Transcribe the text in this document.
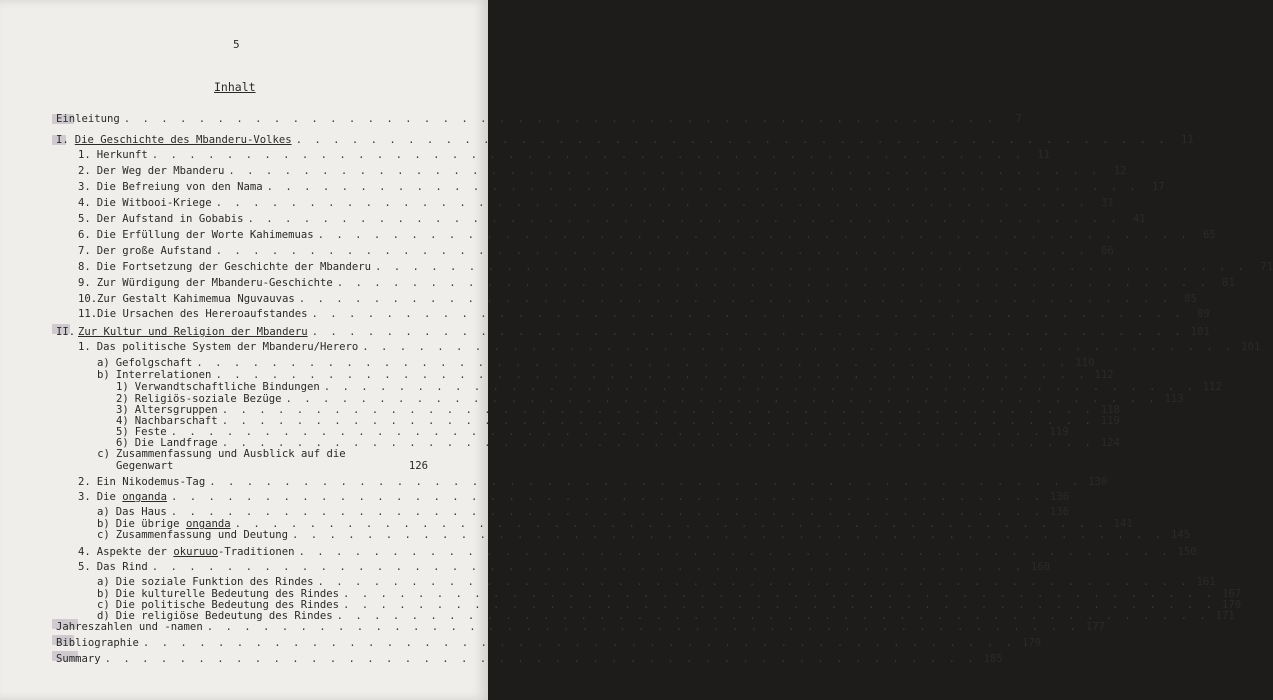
5
Inhalt
Einleitung . . . . . . . . . . . . . . . . . . . . . . . . . . . . . . . . . . . . . . . . . . . . . . .	7
I. Die Geschichte des Mbanderu-Volkes . . . . . . . . . . . . . . . . . . . . . . . . . . . . . . . . . . . . . . . . . . . . . . .	11
1. Herkunft . . . . . . . . . . . . . . . . . . . . . . . . . . . . . . . . . . . . . . . . . . . . . . .	11
2. Der Weg der Mbanderu . . . . . . . . . . . . . . . . . . . . . . . . . . . . . . . . . . . . . . . . . . . . . . .	12
3. Die Befreiung von den Nama . . . . . . . . . . . . . . . . . . . . . . . . . . . . . . . . . . . . . . . . . . . . . . .	17
4. Die Witbooi-Kriege . . . . . . . . . . . . . . . . . . . . . . . . . . . . . . . . . . . . . . . . . . . . . . .	31
5. Der Aufstand in Gobabis . . . . . . . . . . . . . . . . . . . . . . . . . . . . . . . . . . . . . . . . . . . . . . .	41
6. Die Erfüllung der Worte Kahimemuas . . . . . . . . . . . . . . . . . . . . . . . . . . . . . . . . . . . . . . . . . . . . . . .	65
7. Der große Aufstand . . . . . . . . . . . . . . . . . . . . . . . . . . . . . . . . . . . . . . . . . . . . . . .	66
8. Die Fortsetzung der Geschichte der Mbanderu . . . . . . . . . . . . . . . . . . . . . . . . . . . . . . . . . . . . . . . . . . . . . . .	71
9. Zur Würdigung der Mbanderu-Geschichte . . . . . . . . . . . . . . . . . . . . . . . . . . . . . . . . . . . . . . . . . . . . . . .	81
10. Zur Gestalt Kahimemua Nguvauvas . . . . . . . . . . . . . . . . . . . . . . . . . . . . . . . . . . . . . . . . . . . . . . .	85
11. Die Ursachen des Hereroaufstandes . . . . . . . . . . . . . . . . . . . . . . . . . . . . . . . . . . . . . . . . . . . . . . .	89
II. Zur Kultur und Religion der Mbanderu . . . . . . . . . . . . . . . . . . . . . . . . . . . . . . . . . . . . . . . . . . . . . . . 101
1. Das politische System der Mbanderu/Herero . . . . . . . . . . . . . . . . . . . . . . . . . . . . . . . . . . . . . . . . . . . . . . . 101
a) Gefolgschaft . . . . . . . . . . . . . . . . . . . . . . . . . . . . . . . . . . . . . . . . . . . . . . . 110
b) Interrelationen . . . . . . . . . . . . . . . . . . . . . . . . . . . . . . . . . . . . . . . . . . . . . . . 112
1) Verwandtschaftliche Bindungen . . . . . . . . . . . . . . . . . . . . . . . . . . . . . . . . . . . . . . . . . . . . . . . 112
2) Religiös-soziale Bezüge . . . . . . . . . . . . . . . . . . . . . . . . . . . . . . . . . . . . . . . . . . . . . . . 113
3) Altersgruppen . . . . . . . . . . . . . . . . . . . . . . . . . . . . . . . . . . . . . . . . . . . . . . . 118
4) Nachbarschaft . . . . . . . . . . . . . . . . . . . . . . . . . . . . . . . . . . . . . . . . . . . . . . . 119
5) Feste . . . . . . . . . . . . . . . . . . . . . . . . . . . . . . . . . . . . . . . . . . . . . . . 119
6) Die Landfrage . . . . . . . . . . . . . . . . . . . . . . . . . . . . . . . . . . . . . . . . . . . . . . . 124
c) Zusammenfassung und Ausblick auf die
Gegenwart	126
2. Ein Nikodemus-Tag . . . . . . . . . . . . . . . . . . . . . . . . . . . . . . . . . . . . . . . . . . . . . . . 130
3. Die onganda . . . . . . . . . . . . . . . . . . . . . . . . . . . . . . . . . . . . . . . . . . . . . . . 136
a) Das Haus . . . . . . . . . . . . . . . . . . . . . . . . . . . . . . . . . . . . . . . . . . . . . . . 136
b) Die übrige onganda . . . . . . . . . . . . . . . . . . . . . . . . . . . . . . . . . . . . . . . . . . . . . . . 141
c) Zusammenfassung und Deutung . . . . . . . . . . . . . . . . . . . . . . . . . . . . . . . . . . . . . . . . . . . . . . . 145
4. Aspekte der okuruuo-Traditionen . . . . . . . . . . . . . . . . . . . . . . . . . . . . . . . . . . . . . . . . . . . . . . . 150
5. Das Rind . . . . . . . . . . . . . . . . . . . . . . . . . . . . . . . . . . . . . . . . . . . . . . . 160
a) Die soziale Funktion des Rindes . . . . . . . . . . . . . . . . . . . . . . . . . . . . . . . . . . . . . . . . . . . . . . . 161
b) Die kulturelle Bedeutung des Rindes . . . . . . . . . . . . . . . . . . . . . . . . . . . . . . . . . . . . . . . . . . . . . . . 167
c) Die politische Bedeutung des Rindes . . . . . . . . . . . . . . . . . . . . . . . . . . . . . . . . . . . . . . . . . . . . . . . 170
d) Die religiöse Bedeutung des Rindes . . . . . . . . . . . . . . . . . . . . . . . . . . . . . . . . . . . . . . . . . . . . . . . 171
Jahreszahlen und -namen . . . . . . . . . . . . . . . . . . . . . . . . . . . . . . . . . . . . . . . . . . . . . . . 177
Bibliographie . . . . . . . . . . . . . . . . . . . . . . . . . . . . . . . . . . . . . . . . . . . . . . . 179
Summary . . . . . . . . . . . . . . . . . . . . . . . . . . . . . . . . . . . . . . . . . . . . . . . 185
